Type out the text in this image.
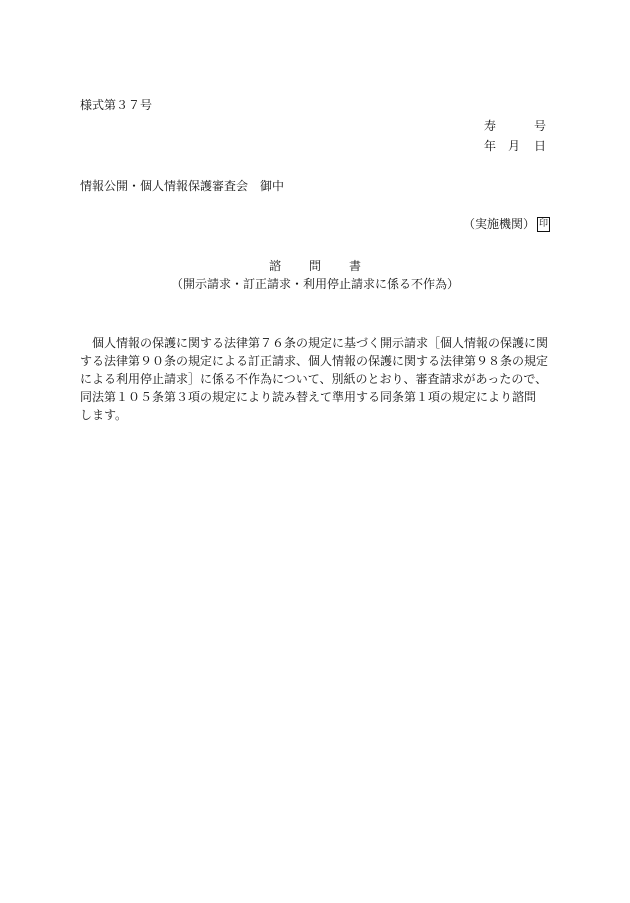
様式第３７号
寿	号
年 月 日
情報公開・個人情報保護審査会　御中
（実施機関） 印
諮 問 書
（開示請求・訂正請求・利用停止請求に係る不作為）
　個人情報の保護に関する法律第７６条の規定に基づく開示請求［個人情報の保護に関
する法律第９０条の規定による訂正請求、個人情報の保護に関する法律第９８条の規定
による利用停止請求］に係る不作為について、別紙のとおり、審査請求があったので、
同法第１０５条第３項の規定により読み替えて準用する同条第１項の規定により諮問
します。
